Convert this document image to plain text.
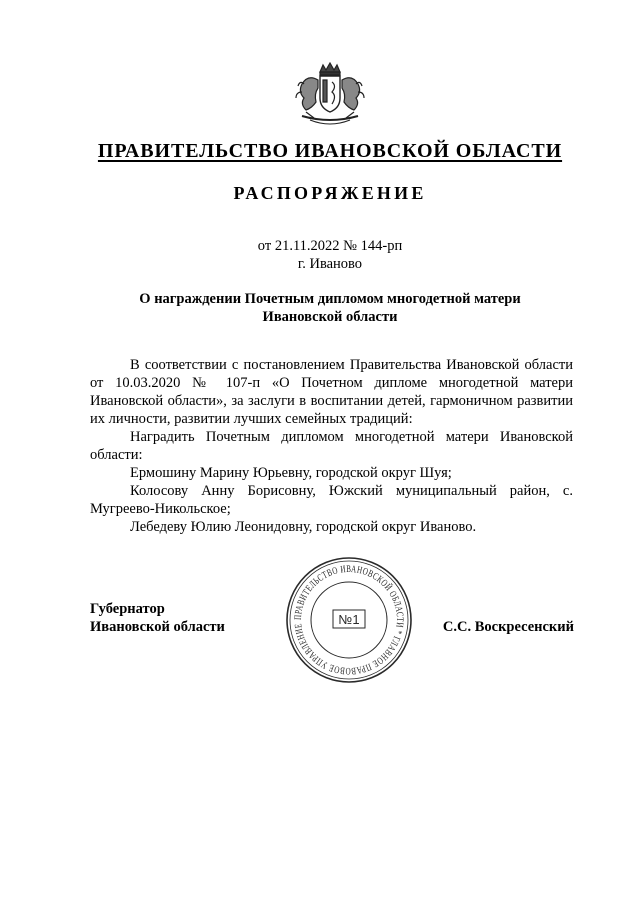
ПРАВИТЕЛЬСТВО ИВАНОВСКОЙ ОБЛАСТИ
РАСПОРЯЖЕНИЕ
от 21.11.2022 № 144-рп
г. Иваново
О награждении Почетным дипломом многодетной матери
Ивановской области

В соответствии с постановлением Правительства Ивановской области от 10.03.2020 № 107-п «О Почетном дипломе многодетной матери Ивановской области», за заслуги в воспитании детей, гармоничном развитии их личности, развитии лучших семейных традиций:

Наградить Почетным дипломом многодетной матери Ивановской области:

Ермошину Марину Юрьевну, городской округ Шуя;

Колосову Анну Борисовну, Южский муниципальный район, с. Мугреево-Никольское;

Лебедеву Юлию Леонидовну, городской округ Иваново.

Губернатор
Ивановской области	С.С. Воскресенский
ПРАВИТЕЛЬСТВО ИВАНОВСКОЙ ОБЛАСТИ * ГЛАВНОЕ ПРАВОВОЕ УПРАВЛЕНИЕ	№1
